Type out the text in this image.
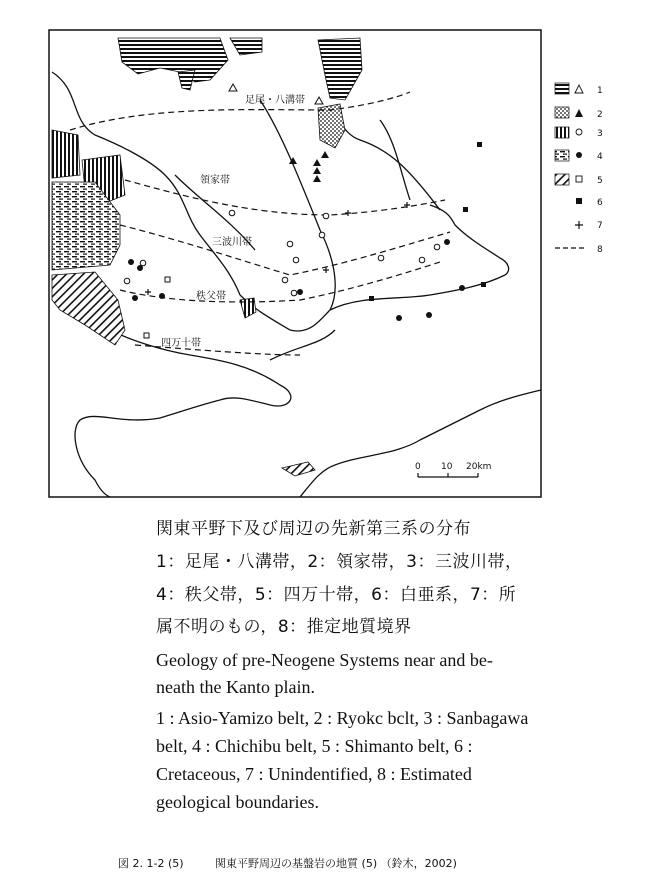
足尾・八溝帯
領家帯
三波川帯
秩父帯
四万十帯
0 10 20km
1
2
3
4
5
6
7
8
関東平野下及び周辺の先新第三系の分布
1：足尾・八溝帯，2：領家帯，3：三波川帯，
4：秩父帯，5：四万十帯，6：白亜系，7：所
属不明のもの，8：推定地質境界
Geology of pre-Neogene Systems near and be-
neath the Kanto plain.
1 : Asio-Yamizo belt, 2 : Ryokc bclt, 3 : Sanbagawa
belt, 4 : Chichibu belt, 5 : Shimanto belt, 6 :
Cretaceous, 7 : Unindentified, 8 : Estimated
geological boundaries.
図 2. 1-2 (5)	関東平野周辺の基盤岩の地質 (5) （鈴木，2002)
